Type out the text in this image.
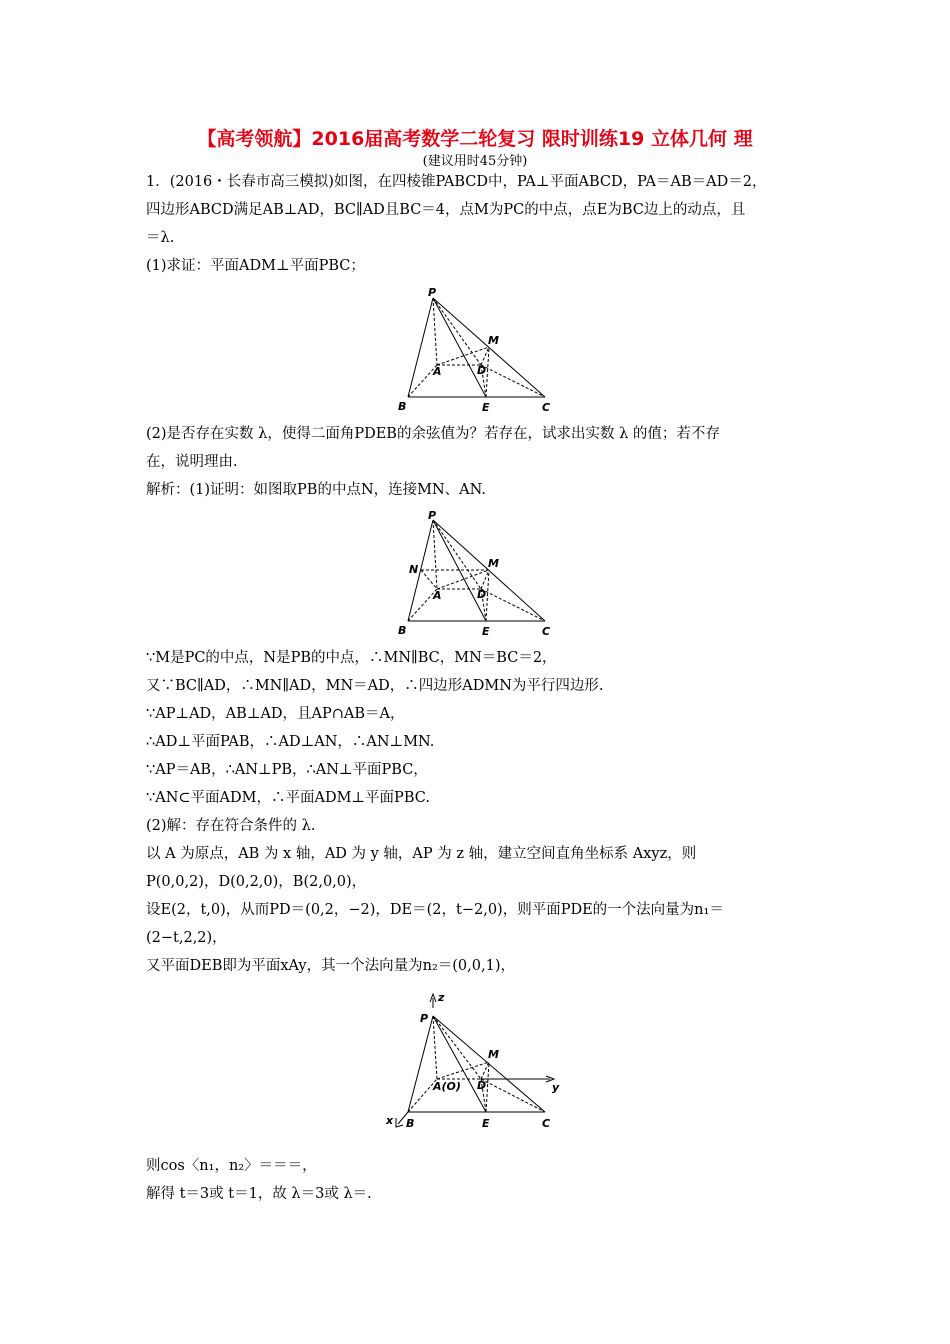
【高考领航】2016届高考数学二轮复习 限时训练19 立体几何 理
(建议用时45分钟)
1．(2016・长春市高三模拟)如图，在四棱锥PABCD中，PA⊥平面ABCD，PA＝AB＝AD＝2，
四边形ABCD满足AB⊥AD，BC∥AD且BC＝4，点M为PC的中点，点E为BC边上的动点，且
＝λ.
(1)求证：平面ADM⊥平面PBC；
P
M
A	D
B	E	C
(2)是否存在实数 λ，使得二面角PDEB的余弦值为？若存在，试求出实数 λ 的值；若不存
在，说明理由.
解析：(1)证明：如图取PB的中点N，连接MN、AN.
P
N	M
A	D
B	E	C
∵M是PC的中点，N是PB的中点，∴MN∥BC，MN＝BC＝2，
又∵BC∥AD，∴MN∥AD，MN＝AD，∴四边形ADMN为平行四边形.
∵AP⊥AD，AB⊥AD，且AP∩AB＝A，
∴AD⊥平面PAB，∴AD⊥AN，∴AN⊥MN.
∵AP＝AB，∴AN⊥PB，∴AN⊥平面PBC，
∵AN⊂平面ADM，∴平面ADM⊥平面PBC.
(2)解：存在符合条件的 λ.
以 A 为原点，AB 为 x 轴，AD 为 y 轴，AP 为 z 轴，建立空间直角坐标系 Axyz，则
P(0,0,2)，D(0,2,0)，B(2,0,0)，
设E(2，t,0)，从而PD＝(0,2，−2)，DE＝(2，t−2,0)，则平面PDE的一个法向量为n₁＝
(2−t,2,2)，
又平面DEB即为平面xAy，其一个法向量为n₂＝(0,0,1)，
z
P
M
A(O) D	y
x B	E	C
则cos〈n₁，n₂〉＝＝＝，
解得 t＝3或 t＝1，故 λ＝3或 λ＝.
